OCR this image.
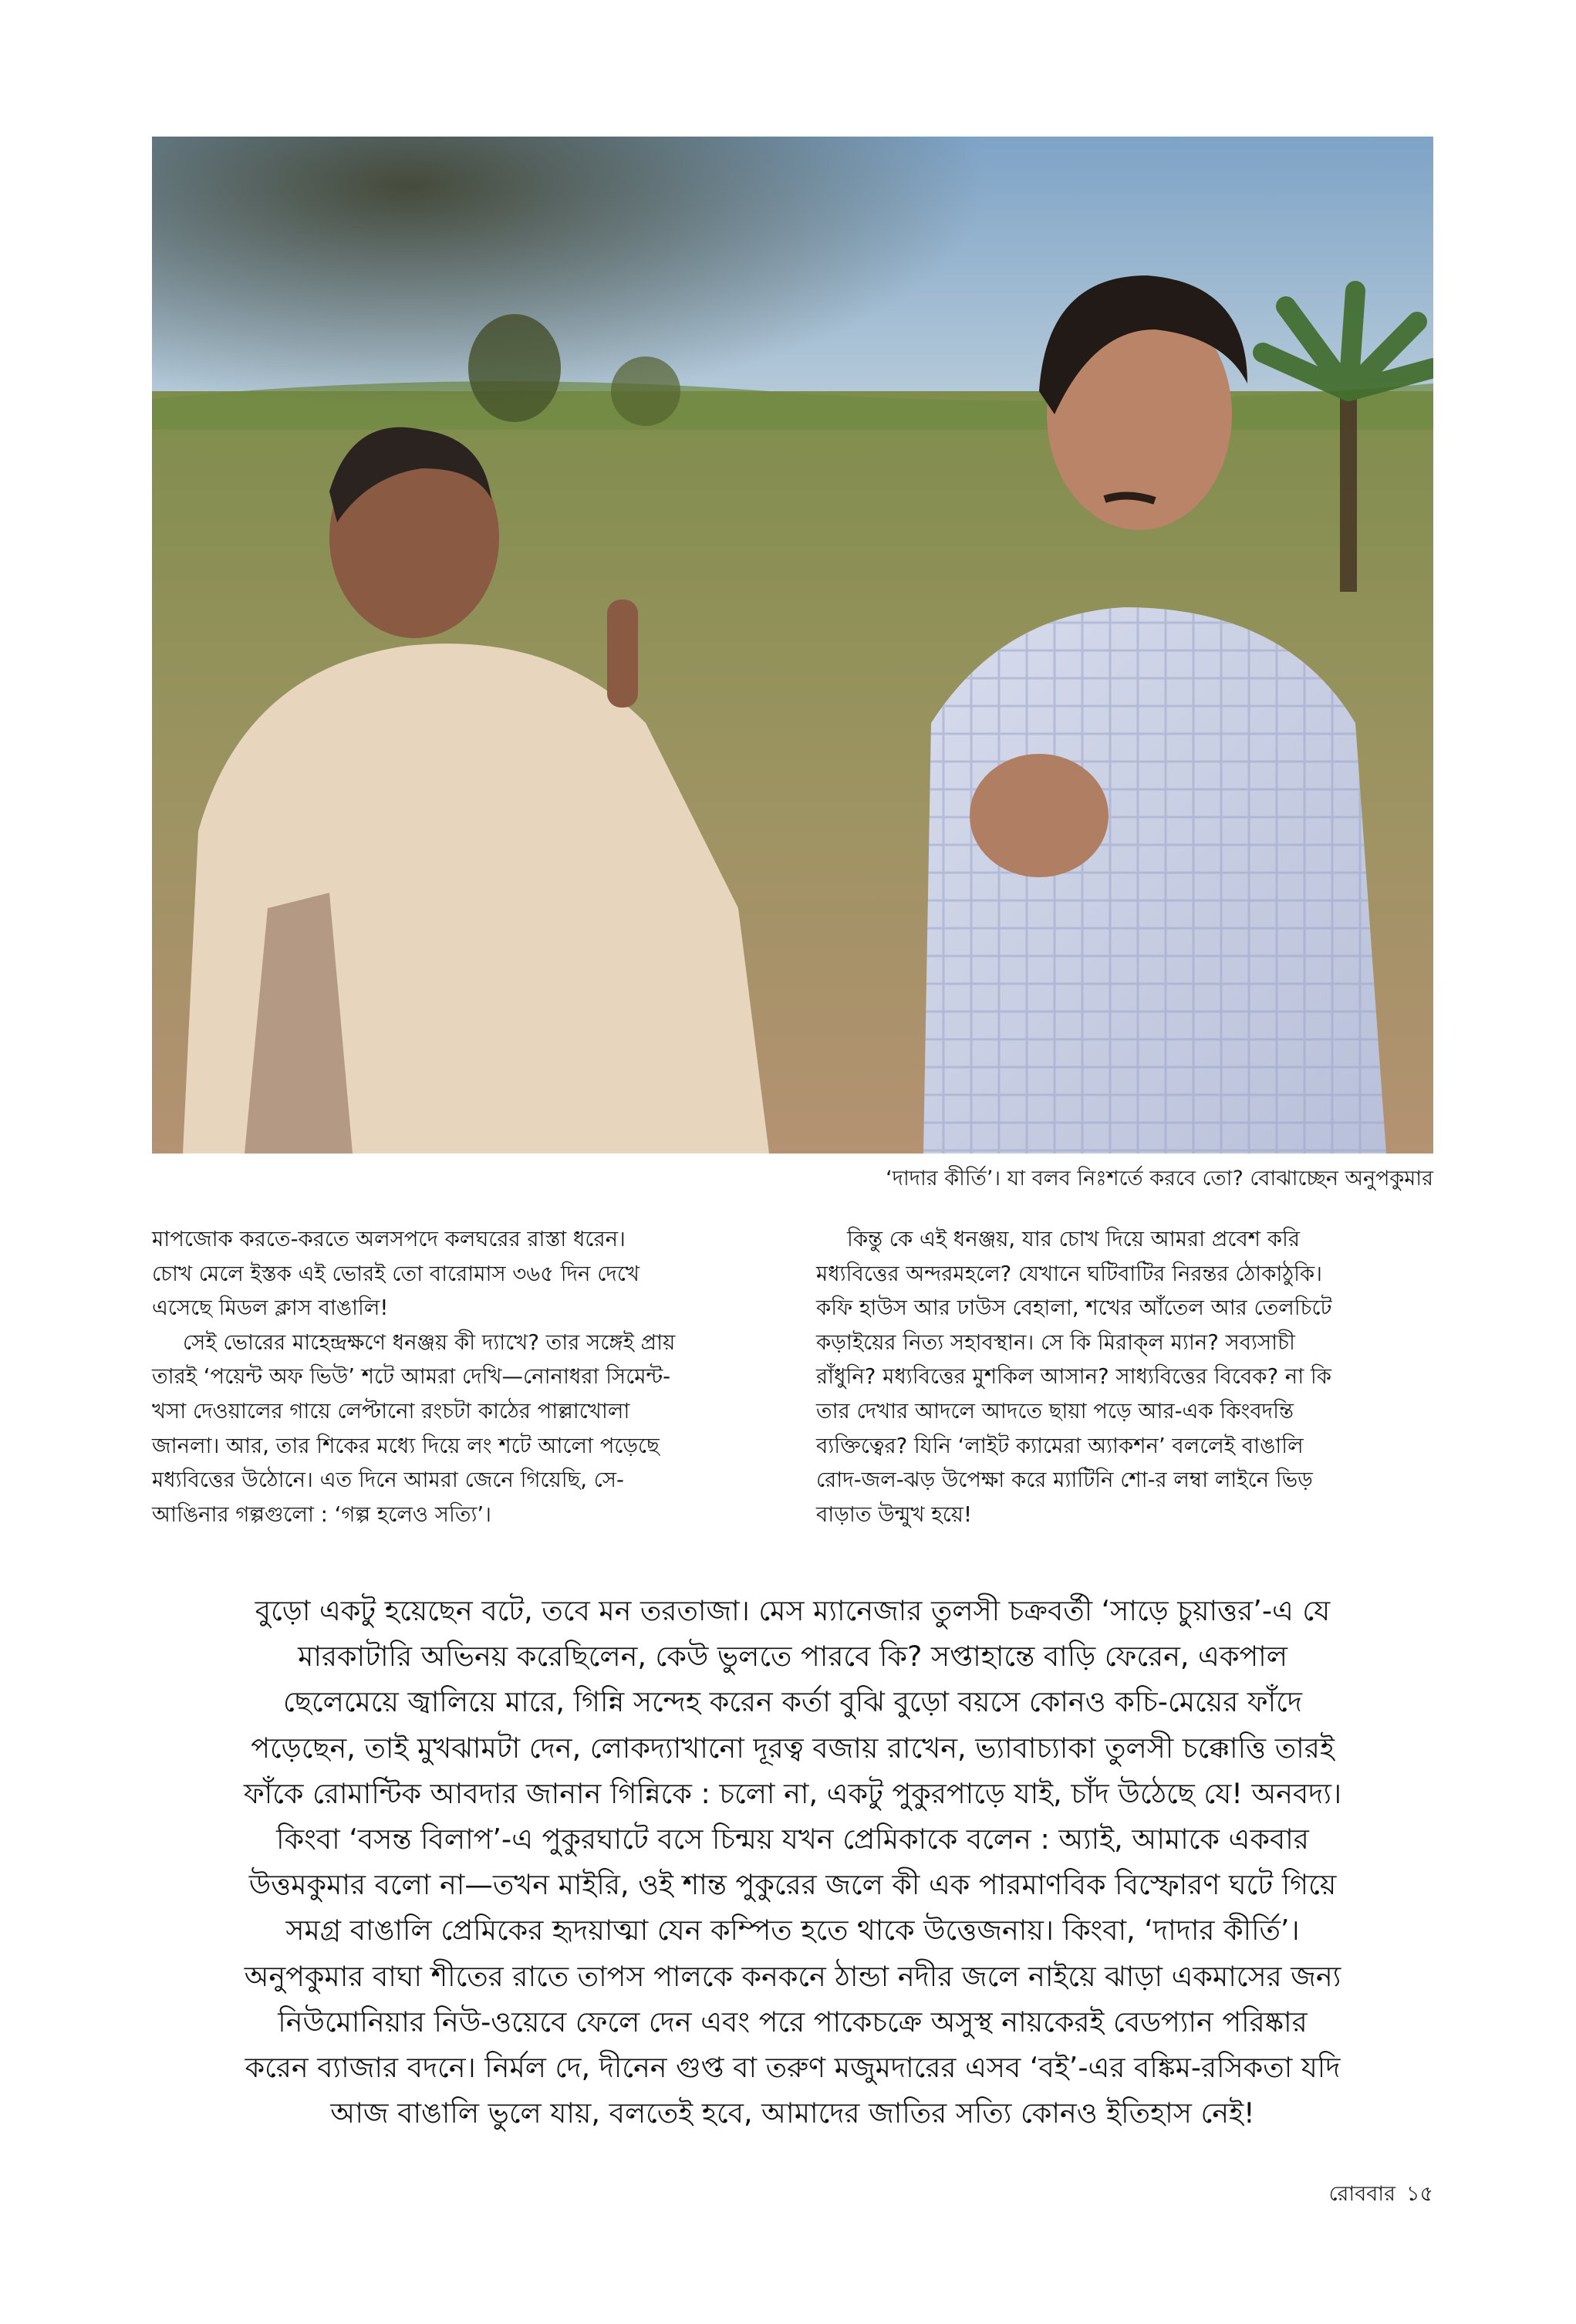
‘দাদার কীর্তি’। যা বলব নিঃশর্তে করবে তো? বোঝাচ্ছেন অনুপকুমার
মাপজোক করতে-করতে অলসপদে কলঘরের রাস্তা ধরেন।
চোখ মেলে ইস্তক এই ভোরই তো বারোমাস ৩৬৫ দিন দেখে
এসেছে মিডল ক্লাস বাঙালি!
সেই ভোরের মাহেন্দ্রক্ষণে ধনঞ্জয় কী দ্যাখে? তার সঙ্গেই প্রায়
তারই ‘পয়েন্ট অফ ভিউ’ শটে আমরা দেখি—নোনাধরা সিমেন্ট-
খসা দেওয়ালের গায়ে লেপ্টানো রংচটা কাঠের পাল্লাখোলা
জানলা। আর, তার শিকের মধ্যে দিয়ে লং শটে আলো পড়েছে
মধ্যবিত্তের উঠোনে। এত দিনে আমরা জেনে গিয়েছি, সে-
আঙিনার গল্পগুলো : ‘গল্প হলেও সত্যি’।
কিন্তু কে এই ধনঞ্জয়, যার চোখ দিয়ে আমরা প্রবেশ করি
মধ্যবিত্তের অন্দরমহলে? যেখানে ঘটিবাটির নিরন্তর ঠোকাঠুকি।
কফি হাউস আর ঢাউস বেহালা, শখের আঁতেল আর তেলচিটে
কড়াইয়ের নিত্য সহাবস্থান। সে কি মিরাক্‌ল ম্যান? সব্যসাচী
রাঁধুনি? মধ্যবিত্তের মুশকিল আসান? সাধ্যবিত্তের বিবেক? না কি
তার দেখার আদলে আদতে ছায়া পড়ে আর-এক কিংবদন্তি
ব্যক্তিত্বের? যিনি ‘লাইট ক্যামেরা অ্যাকশন’ বললেই বাঙালি
রোদ-জল-ঝড় উপেক্ষা করে ম্যাটিনি শো-র লম্বা লাইনে ভিড়
বাড়াত উন্মুখ হয়ে!
বুড়ো একটু হয়েছেন বটে, তবে মন তরতাজা। মেস ম্যানেজার তুলসী চক্রবর্তী ‘সাড়ে চুয়াত্তর’-এ যে
মারকাটারি অভিনয় করেছিলেন, কেউ ভুলতে পারবে কি? সপ্তাহান্তে বাড়ি ফেরেন, একপাল
ছেলেমেয়ে জ্বালিয়ে মারে, গিন্নি সন্দেহ করেন কর্তা বুঝি বুড়ো বয়সে কোনও কচি-মেয়ের ফাঁদে
পড়েছেন, তাই মুখঝামটা দেন, লোকদ্যাখানো দূরত্ব বজায় রাখেন, ভ্যাবাচ্যাকা তুলসী চক্কোত্তি তারই
ফাঁকে রোমান্টিক আবদার জানান গিন্নিকে : চলো না, একটু পুকুরপাড়ে যাই, চাঁদ উঠেছে যে! অনবদ্য।
কিংবা ‘বসন্ত বিলাপ’-এ পুকুরঘাটে বসে চিন্ময় যখন প্রেমিকাকে বলেন : অ্যাই, আমাকে একবার
উত্তমকুমার বলো না—তখন মাইরি, ওই শান্ত পুকুরের জলে কী এক পারমাণবিক বিস্ফোরণ ঘটে গিয়ে
সমগ্র বাঙালি প্রেমিকের হৃদয়াত্মা যেন কম্পিত হতে থাকে উত্তেজনায়। কিংবা, ‘দাদার কীর্তি’।
অনুপকুমার বাঘা শীতের রাতে তাপস পালকে কনকনে ঠান্ডা নদীর জলে নাইয়ে ঝাড়া একমাসের জন্য
নিউমোনিয়ার নিউ-ওয়েবে ফেলে দেন এবং পরে পাকেচক্রে অসুস্থ নায়কেরই বেডপ্যান পরিষ্কার
করেন ব্যাজার বদনে। নির্মল দে, দীনেন গুপ্ত বা তরুণ মজুমদারের এসব ‘বই’-এর বঙ্কিম-রসিকতা যদি
আজ বাঙালি ভুলে যায়, বলতেই হবে, আমাদের জাতির সত্যি কোনও ইতিহাস নেই!
রোববার ১৫
